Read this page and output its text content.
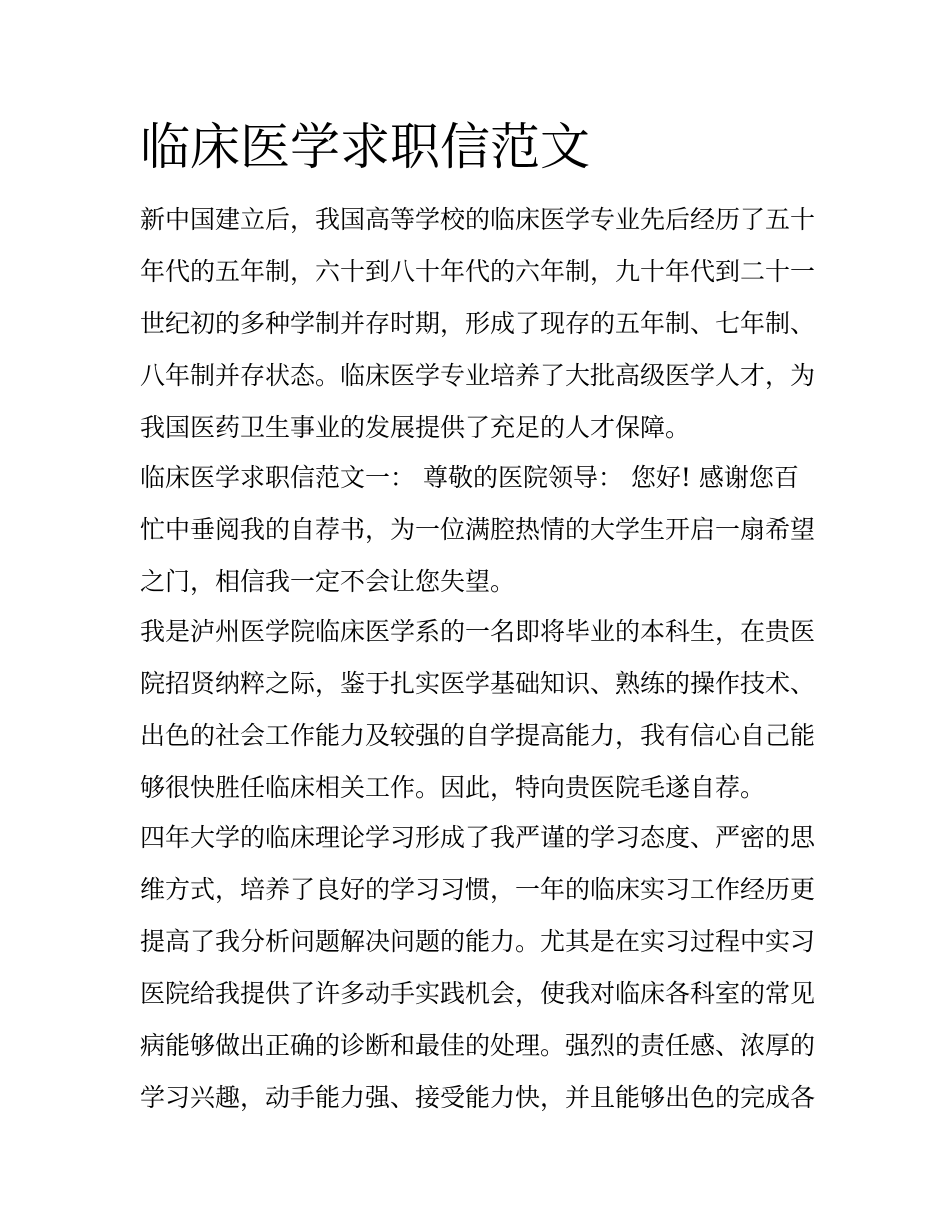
临床医学求职信范文

新中国建立后，我国高等学校的临床医学专业先后经历了五十

年代的五年制，六十到八十年代的六年制，九十年代到二十一

世纪初的多种学制并存时期，形成了现存的五年制、七年制、

八年制并存状态。临床医学专业培养了大批高级医学人才，为

我国医药卫生事业的发展提供了充足的人才保障。

临床医学求职信范文一： 尊敬的医院领导： 您好! 感谢您百

忙中垂阅我的自荐书，为一位满腔热情的大学生开启一扇希望

之门，相信我一定不会让您失望。

我是泸州医学院临床医学系的一名即将毕业的本科生，在贵医

院招贤纳粹之际，鉴于扎实医学基础知识、熟练的操作技术、

出色的社会工作能力及较强的自学提高能力，我有信心自己能

够很快胜任临床相关工作。因此，特向贵医院毛遂自荐。

四年大学的临床理论学习形成了我严谨的学习态度、严密的思

维方式，培养了良好的学习习惯，一年的临床实习工作经历更

提高了我分析问题解决问题的能力。尤其是在实习过程中实习

医院给我提供了许多动手实践机会，使我对临床各科室的常见

病能够做出正确的诊断和最佳的处理。强烈的责任感、浓厚的

学习兴趣，动手能力强、接受能力快，并且能够出色的完成各
